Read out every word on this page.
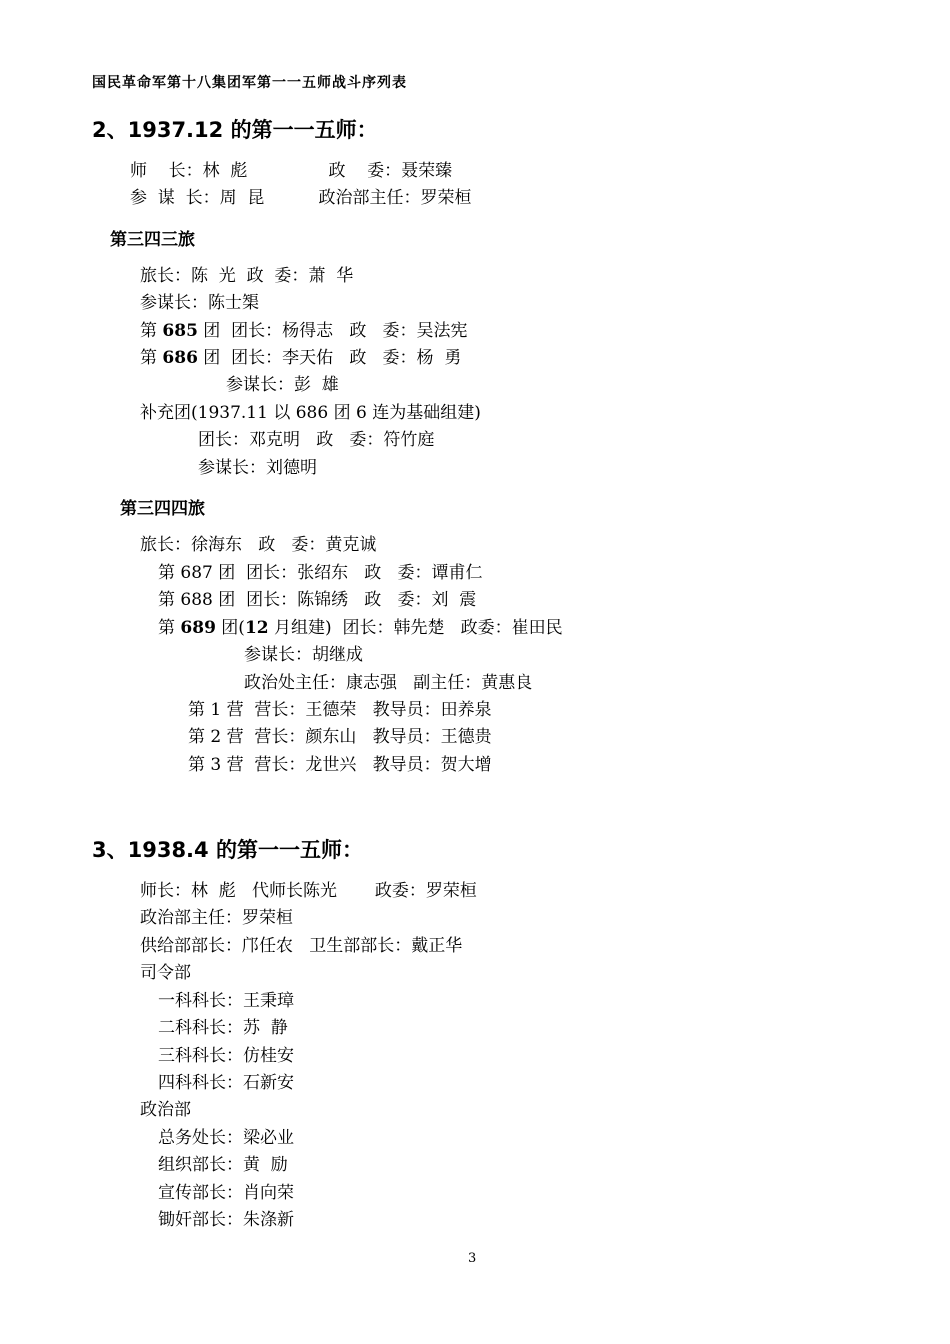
国民革命军第十八集团军第一一五师战斗序列表
2、1937.12 的第一一五师：
师    长：林  彪               政    委：聂荣臻
参  谋  长：周  昆          政治部主任：罗荣桓
第三四三旅
旅长：陈  光  政  委：萧  华
参谋长：陈士榘
第 685 团  团长：杨得志   政   委：吴法宪
第 686 团  团长：李天佑   政   委：杨  勇
参谋长：彭  雄
补充团(1937.11 以 686 团 6 连为基础组建)
团长：邓克明   政   委：符竹庭
参谋长：刘德明
第三四四旅
旅长：徐海东   政   委：黄克诚
第 687 团  团长：张绍东   政   委：谭甫仁
第 688 团  团长：陈锦绣   政   委：刘  震
第 689 团(12 月组建)  团长：韩先楚   政委：崔田民
参谋长：胡继成
政治处主任：康志强   副主任：黄惠良
第 1 营  营长：王德荣   教导员：田养泉
第 2 营  营长：颜东山   教导员：王德贵
第 3 营  营长：龙世兴   教导员：贺大增
3、1938.4 的第一一五师：
师长：林  彪   代师长陈光       政委：罗荣桓
政治部主任：罗荣桓
供给部部长：邝任农   卫生部部长：戴正华
司令部
一科科长：王秉璋
二科科长：苏  静
三科科长：仿桂安
四科科长：石新安
政治部
总务处长：梁必业
组织部长：黄  励
宣传部长：肖向荣
锄奸部长：朱涤新
3
